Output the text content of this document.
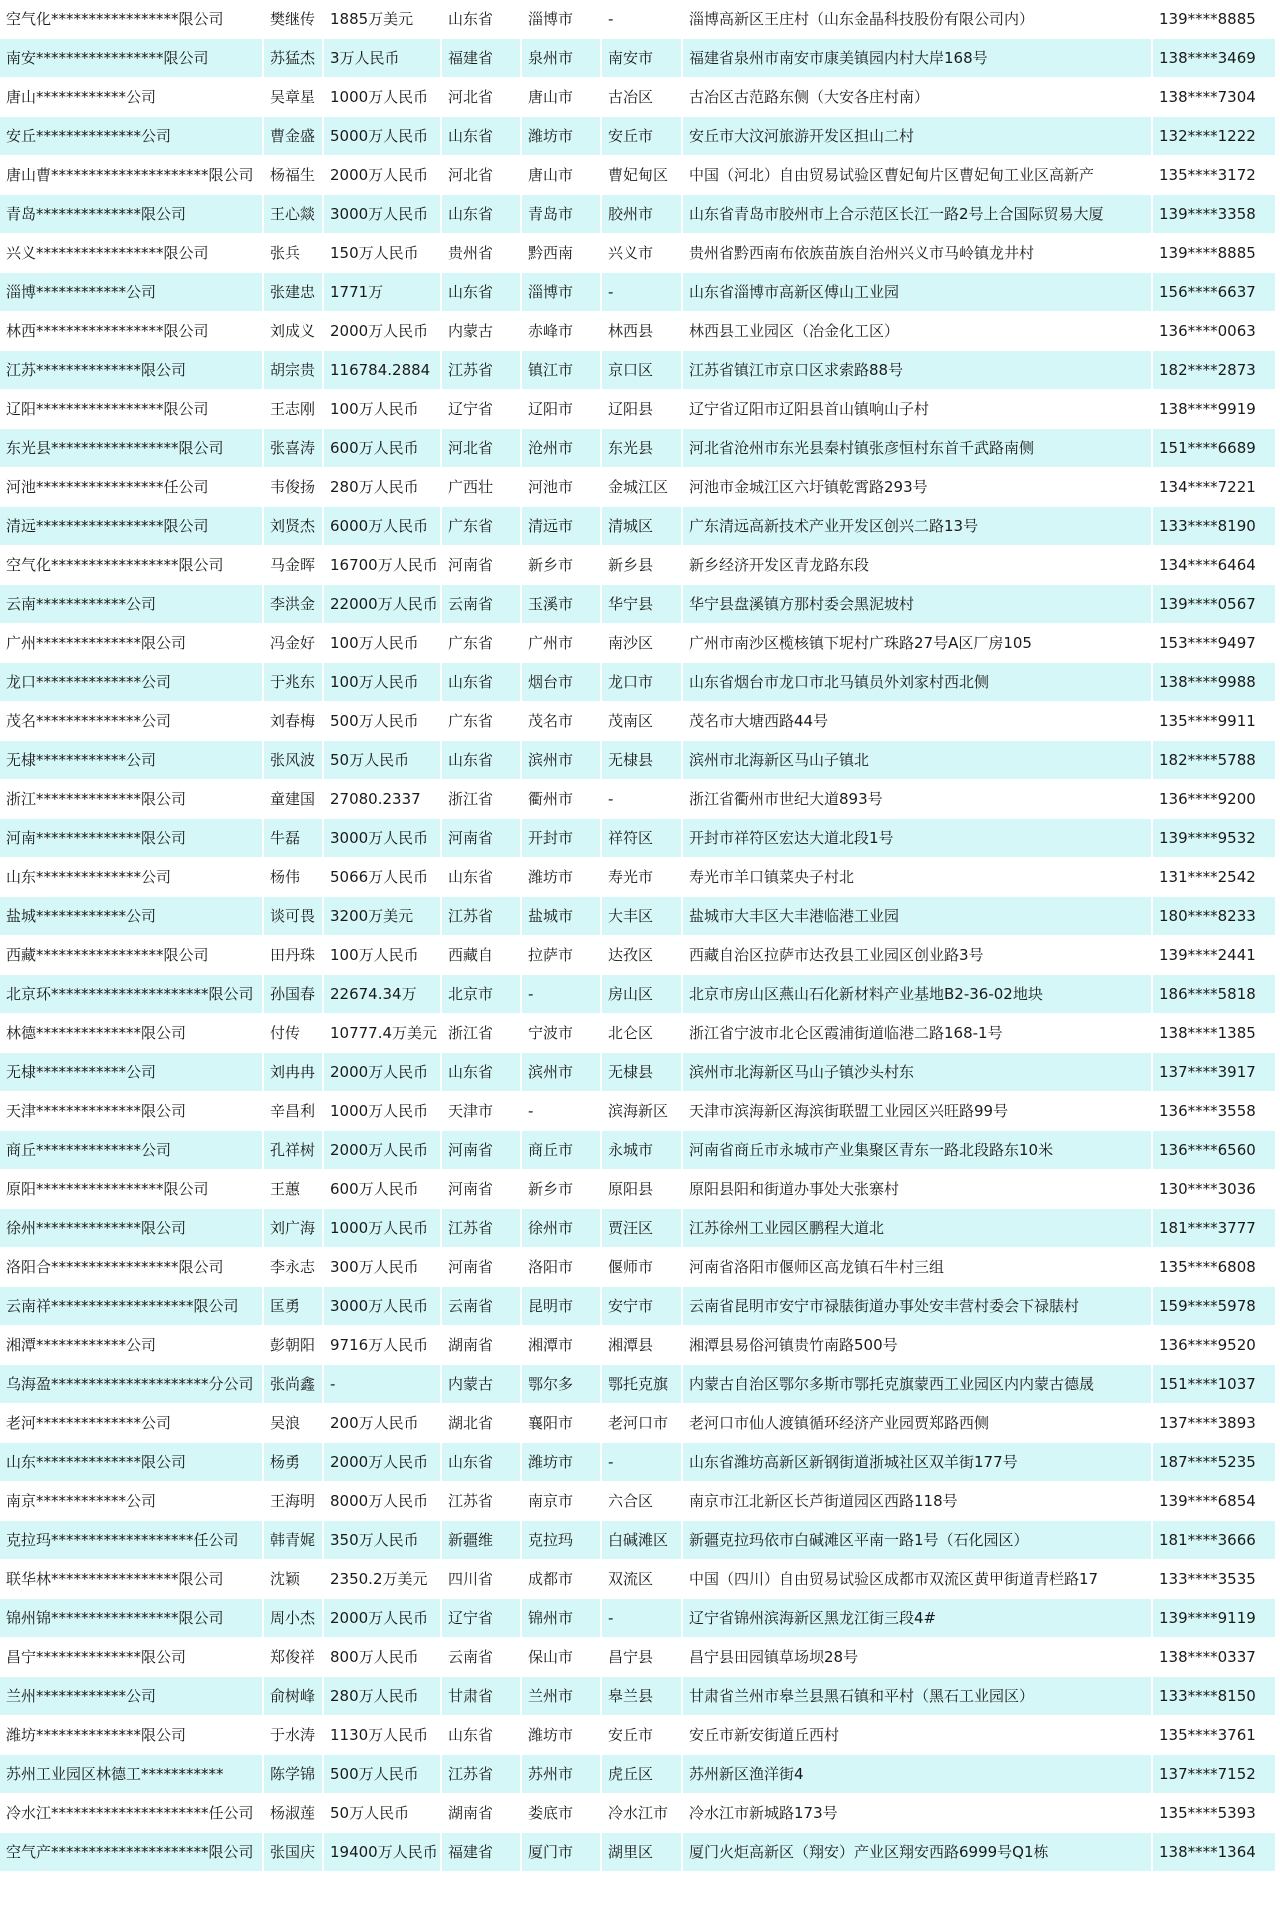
空气化*****************限公司	樊继传	1885万美元	山东省	淄博市	-	淄博高新区王庄村（山东金晶科技股份有限公司内）	139****8885
南安*****************限公司	苏猛杰	3万人民币	福建省	泉州市	南安市	福建省泉州市南安市康美镇园内村大岸168号	138****3469
唐山************公司	吴章星	1000万人民币	河北省	唐山市	古冶区	古冶区古范路东侧（大安各庄村南）	138****7304
安丘**************公司	曹金盛	5000万人民币	山东省	潍坊市	安丘市	安丘市大汶河旅游开发区担山二村	132****1222
唐山曹*********************限公司	杨福生	2000万人民币	河北省	唐山市	曹妃甸区	中国（河北）自由贸易试验区曹妃甸片区曹妃甸工业区高新产	135****3172
青岛**************限公司	王心燚	3000万人民币	山东省	青岛市	胶州市	山东省青岛市胶州市上合示范区长江一路2号上合国际贸易大厦	139****3358
兴义*****************限公司	张兵	150万人民币	贵州省	黔西南	兴义市	贵州省黔西南布依族苗族自治州兴义市马岭镇龙井村	139****8885
淄博************公司	张建忠	1771万	山东省	淄博市	-	山东省淄博市高新区傅山工业园	156****6637
林西*****************限公司	刘成义	2000万人民币	内蒙古	赤峰市	林西县	林西县工业园区（冶金化工区）	136****0063
江苏**************限公司	胡宗贵	116784.2884	江苏省	镇江市	京口区	江苏省镇江市京口区求索路88号	182****2873
辽阳*****************限公司	王志刚	100万人民币	辽宁省	辽阳市	辽阳县	辽宁省辽阳市辽阳县首山镇响山子村	138****9919
东光县*****************限公司	张喜涛	600万人民币	河北省	沧州市	东光县	河北省沧州市东光县秦村镇张彦恒村东首千武路南侧	151****6689
河池*****************任公司	韦俊扬	280万人民币	广西壮	河池市	金城江区	河池市金城江区六圩镇乾霄路293号	134****7221
清远*****************限公司	刘贤杰	6000万人民币	广东省	清远市	清城区	广东清远高新技术产业开发区创兴二路13号	133****8190
空气化*****************限公司	马金晖	16700万人民币	河南省	新乡市	新乡县	新乡经济开发区青龙路东段	134****6464
云南************公司	李洪金	22000万人民币	云南省	玉溪市	华宁县	华宁县盘溪镇方那村委会黑泥坡村	139****0567
广州**************限公司	冯金好	100万人民币	广东省	广州市	南沙区	广州市南沙区榄核镇下坭村广珠路27号A区厂房105	153****9497
龙口**************公司	于兆东	100万人民币	山东省	烟台市	龙口市	山东省烟台市龙口市北马镇员外刘家村西北侧	138****9988
茂名**************公司	刘春梅	500万人民币	广东省	茂名市	茂南区	茂名市大塘西路44号	135****9911
无棣************公司	张风波	50万人民币	山东省	滨州市	无棣县	滨州市北海新区马山子镇北	182****5788
浙江**************限公司	童建国	27080.2337	浙江省	衢州市	-	浙江省衢州市世纪大道893号	136****9200
河南**************限公司	牛磊	3000万人民币	河南省	开封市	祥符区	开封市祥符区宏达大道北段1号	139****9532
山东**************公司	杨伟	5066万人民币	山东省	潍坊市	寿光市	寿光市羊口镇菜央子村北	131****2542
盐城************公司	谈可畏	3200万美元	江苏省	盐城市	大丰区	盐城市大丰区大丰港临港工业园	180****8233
西藏*****************限公司	田丹珠	100万人民币	西藏自	拉萨市	达孜区	西藏自治区拉萨市达孜县工业园区创业路3号	139****2441
北京环*********************限公司	孙国春	22674.34万	北京市	-	房山区	北京市房山区燕山石化新材料产业基地B2-36-02地块	186****5818
林德**************限公司	付传	10777.4万美元	浙江省	宁波市	北仑区	浙江省宁波市北仑区霞浦街道临港二路168-1号	138****1385
无棣************公司	刘冉冉	2000万人民币	山东省	滨州市	无棣县	滨州市北海新区马山子镇沙头村东	137****3917
天津**************限公司	辛昌利	1000万人民币	天津市	-	滨海新区	天津市滨海新区海滨街联盟工业园区兴旺路99号	136****3558
商丘**************公司	孔祥树	2000万人民币	河南省	商丘市	永城市	河南省商丘市永城市产业集聚区青东一路北段路东10米	136****6560
原阳*****************限公司	王蕙	600万人民币	河南省	新乡市	原阳县	原阳县阳和街道办事处大张寨村	130****3036
徐州**************限公司	刘广海	1000万人民币	江苏省	徐州市	贾汪区	江苏徐州工业园区鹏程大道北	181****3777
洛阳合*****************限公司	李永志	300万人民币	河南省	洛阳市	偃师市	河南省洛阳市偃师区高龙镇石牛村三组	135****6808
云南祥*******************限公司	匡勇	3000万人民币	云南省	昆明市	安宁市	云南省昆明市安宁市禄脿街道办事处安丰营村委会下禄脿村	159****5978
湘潭************公司	彭朝阳	9716万人民币	湖南省	湘潭市	湘潭县	湘潭县易俗河镇贵竹南路500号	136****9520
乌海盈*********************分公司	张尚鑫	-	内蒙古	鄂尔多	鄂托克旗	内蒙古自治区鄂尔多斯市鄂托克旗蒙西工业园区内内蒙古德晟	151****1037
老河**************公司	吴浪	200万人民币	湖北省	襄阳市	老河口市	老河口市仙人渡镇循环经济产业园贾郑路西侧	137****3893
山东**************限公司	杨勇	2000万人民币	山东省	潍坊市	-	山东省潍坊高新区新钢街道浙城社区双羊街177号	187****5235
南京************公司	王海明	8000万人民币	江苏省	南京市	六合区	南京市江北新区长芦街道园区西路118号	139****6854
克拉玛*******************任公司	韩青娓	350万人民币	新疆维	克拉玛	白碱滩区	新疆克拉玛依市白碱滩区平南一路1号（石化园区）	181****3666
联华林*****************限公司	沈颖	2350.2万美元	四川省	成都市	双流区	中国（四川）自由贸易试验区成都市双流区黄甲街道青栏路17	133****3535
锦州锦*****************限公司	周小杰	2000万人民币	辽宁省	锦州市	-	辽宁省锦州滨海新区黑龙江街三段4#	139****9119
昌宁**************限公司	郑俊祥	800万人民币	云南省	保山市	昌宁县	昌宁县田园镇草场坝28号	138****0337
兰州************公司	俞树峰	280万人民币	甘肃省	兰州市	皋兰县	甘肃省兰州市皋兰县黑石镇和平村（黑石工业园区）	133****8150
潍坊**************限公司	于水涛	1130万人民币	山东省	潍坊市	安丘市	安丘市新安街道丘西村	135****3761
苏州工业园区林德工***********	陈学锦	500万人民币	江苏省	苏州市	虎丘区	苏州新区渔洋街4	137****7152
冷水江*********************任公司	杨淑莲	50万人民币	湖南省	娄底市	冷水江市	冷水江市新城路173号	135****5393
空气产*********************限公司	张国庆	19400万人民币	福建省	厦门市	湖里区	厦门火炬高新区（翔安）产业区翔安西路6999号Q1栋	138****1364
